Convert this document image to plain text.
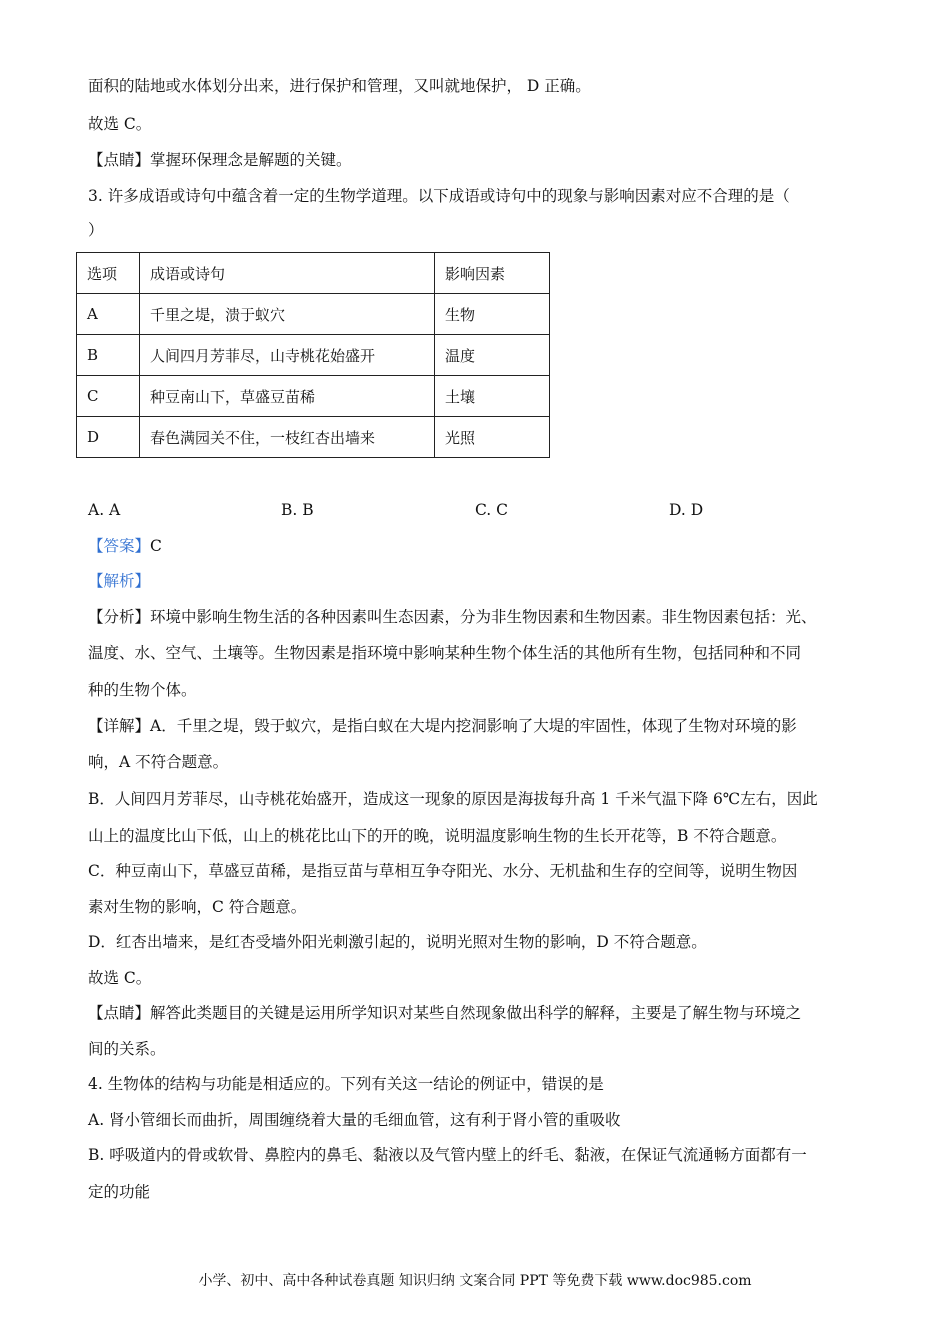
面积的陆地或水体划分出来，进行保护和管理，又叫就地保护， D 正确。
故选 C。
【点睛】掌握环保理念是解题的关键。
3. 许多成语或诗句中蕴含着一定的生物学道理。以下成语或诗句中的现象与影响因素对应不合理的是（
）
选项	成语或诗句	影响因素
A	千里之堤，溃于蚁穴	生物
B	人间四月芳菲尽，山寺桃花始盛开	温度
C	种豆南山下，草盛豆苗稀	土壤
D	春色满园关不住，一枝红杏出墙来	光照
A. A	B. B	C. C	D. D
【答案】C
【解析】
【分析】环境中影响生物生活的各种因素叫生态因素，分为非生物因素和生物因素。非生物因素包括：光、
温度、水、空气、土壤等。生物因素是指环境中影响某种生物个体生活的其他所有生物，包括同种和不同
种的生物个体。
【详解】A．千里之堤，毁于蚁穴，是指白蚁在大堤内挖洞影响了大堤的牢固性，体现了生物对环境的影
响，A 不符合题意。
B．人间四月芳菲尽，山寺桃花始盛开，造成这一现象的原因是海拔每升高 1 千米气温下降 6℃左右，因此
山上的温度比山下低，山上的桃花比山下的开的晚，说明温度影响生物的生长开花等，B 不符合题意。
C．种豆南山下，草盛豆苗稀，是指豆苗与草相互争夺阳光、水分、无机盐和生存的空间等，说明生物因
素对生物的影响，C 符合题意。
D．红杏出墙来，是红杏受墙外阳光刺激引起的，说明光照对生物的影响，D 不符合题意。
故选 C。
【点睛】解答此类题目的关键是运用所学知识对某些自然现象做出科学的解释，主要是了解生物与环境之
间的关系。
4. 生物体的结构与功能是相适应的。下列有关这一结论的例证中，错误的是
A. 肾小管细长而曲折，周围缠绕着大量的毛细血管，这有利于肾小管的重吸收
B. 呼吸道内的骨或软骨、鼻腔内的鼻毛、黏液以及气管内壁上的纤毛、黏液，在保证气流通畅方面都有一
定的功能
小学、初中、高中各种试卷真题 知识归纳 文案合同 PPT 等免费下载 www.doc985.com
